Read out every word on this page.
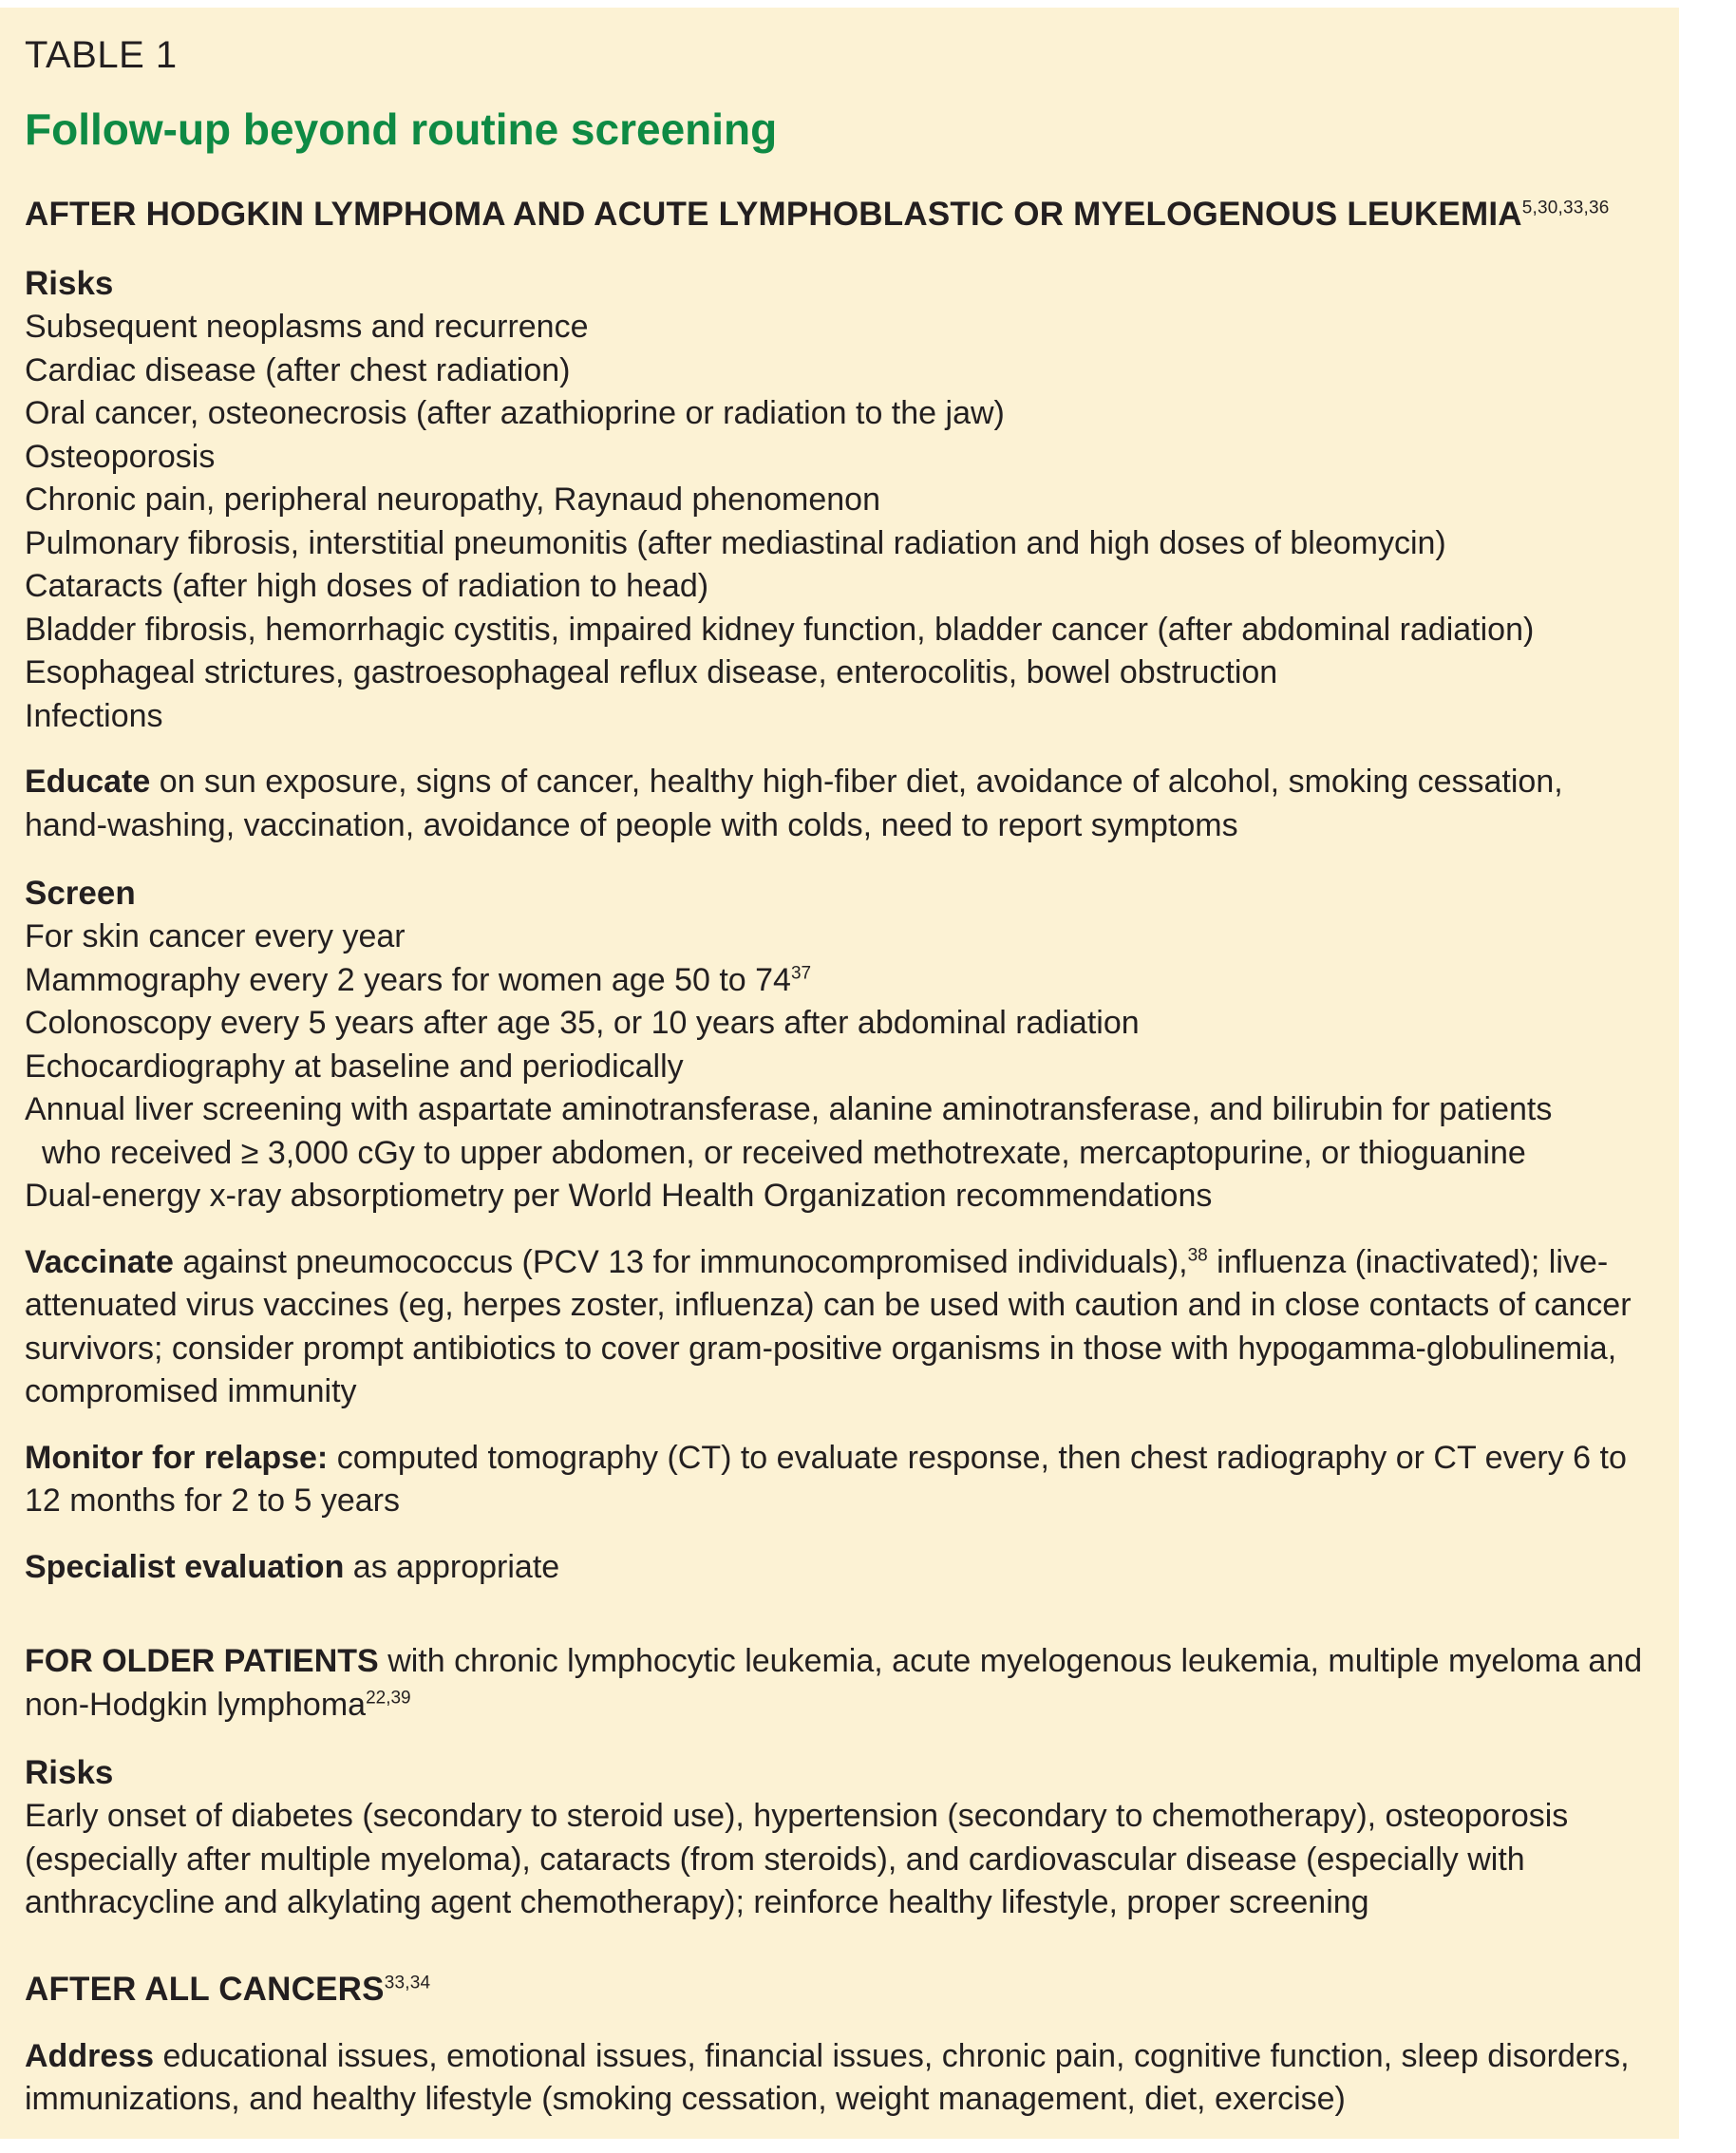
TABLE 1
Follow-up beyond routine screening
AFTER HODGKIN LYMPHOMA AND ACUTE LYMPHOBLASTIC OR MYELOGENOUS LEUKEMIA$^{5,30,33,36}$
Risks
Subsequent neoplasms and recurrence
Cardiac disease (after chest radiation)
Oral cancer, osteonecrosis (after azathioprine or radiation to the jaw)
Osteoporosis
Chronic pain, peripheral neuropathy, Raynaud phenomenon
Pulmonary fibrosis, interstitial pneumonitis (after mediastinal radiation and high doses of bleomycin)
Cataracts (after high doses of radiation to head)
Bladder fibrosis, hemorrhagic cystitis, impaired kidney function, bladder cancer (after abdominal radiation)
Esophageal strictures, gastroesophageal reflux disease, enterocolitis, bowel obstruction
Infections

Educate on sun exposure, signs of cancer, healthy high-fiber diet, avoidance of alcohol, smoking cessation, hand-washing, vaccination, avoidance of people with colds, need to report symptoms

Screen
For skin cancer every year
Mammography every 2 years for women age 50 to $74^{37}$
Colonoscopy every 5 years after age 35, or 10 years after abdominal radiation
Echocardiography at baseline and periodically
Annual liver screening with aspartate aminotransferase, alanine aminotransferase, and bilirubin for patients
who received ≥ 3,000 cGy to upper abdomen, or received methotrexate, mercaptopurine, or thioguanine
Dual-energy x-ray absorptiometry per World Health Organization recommendations

Vaccinate against pneumococcus (PCV 13 for immunocompromised individuals),$^{38}$ influenza (inactivated); live-attenuated virus vaccines (eg, herpes zoster, influenza) can be used with caution and in close contacts of cancer survivors; consider prompt antibiotics to cover gram-positive organisms in those with hypogamma-globulinemia, compromised immunity

Monitor for relapse: computed tomography (CT) to evaluate response, then chest radiography or CT every 6 to 12 months for 2 to 5 years

Specialist evaluation as appropriate

FOR OLDER PATIENTS with chronic lymphocytic leukemia, acute myelogenous leukemia, multiple myeloma and non-Hodgkin lymphoma$^{22,39}$

Risks
Early onset of diabetes (secondary to steroid use), hypertension (secondary to chemotherapy), osteoporosis (especially after multiple myeloma), cataracts (from steroids), and cardiovascular disease (especially with anthracycline and alkylating agent chemotherapy); reinforce healthy lifestyle, proper screening
AFTER ALL CANCERS$^{33,34}$

Address educational issues, emotional issues, financial issues, chronic pain, cognitive function, sleep disorders, immunizations, and healthy lifestyle (smoking cessation, weight management, diet, exercise)
